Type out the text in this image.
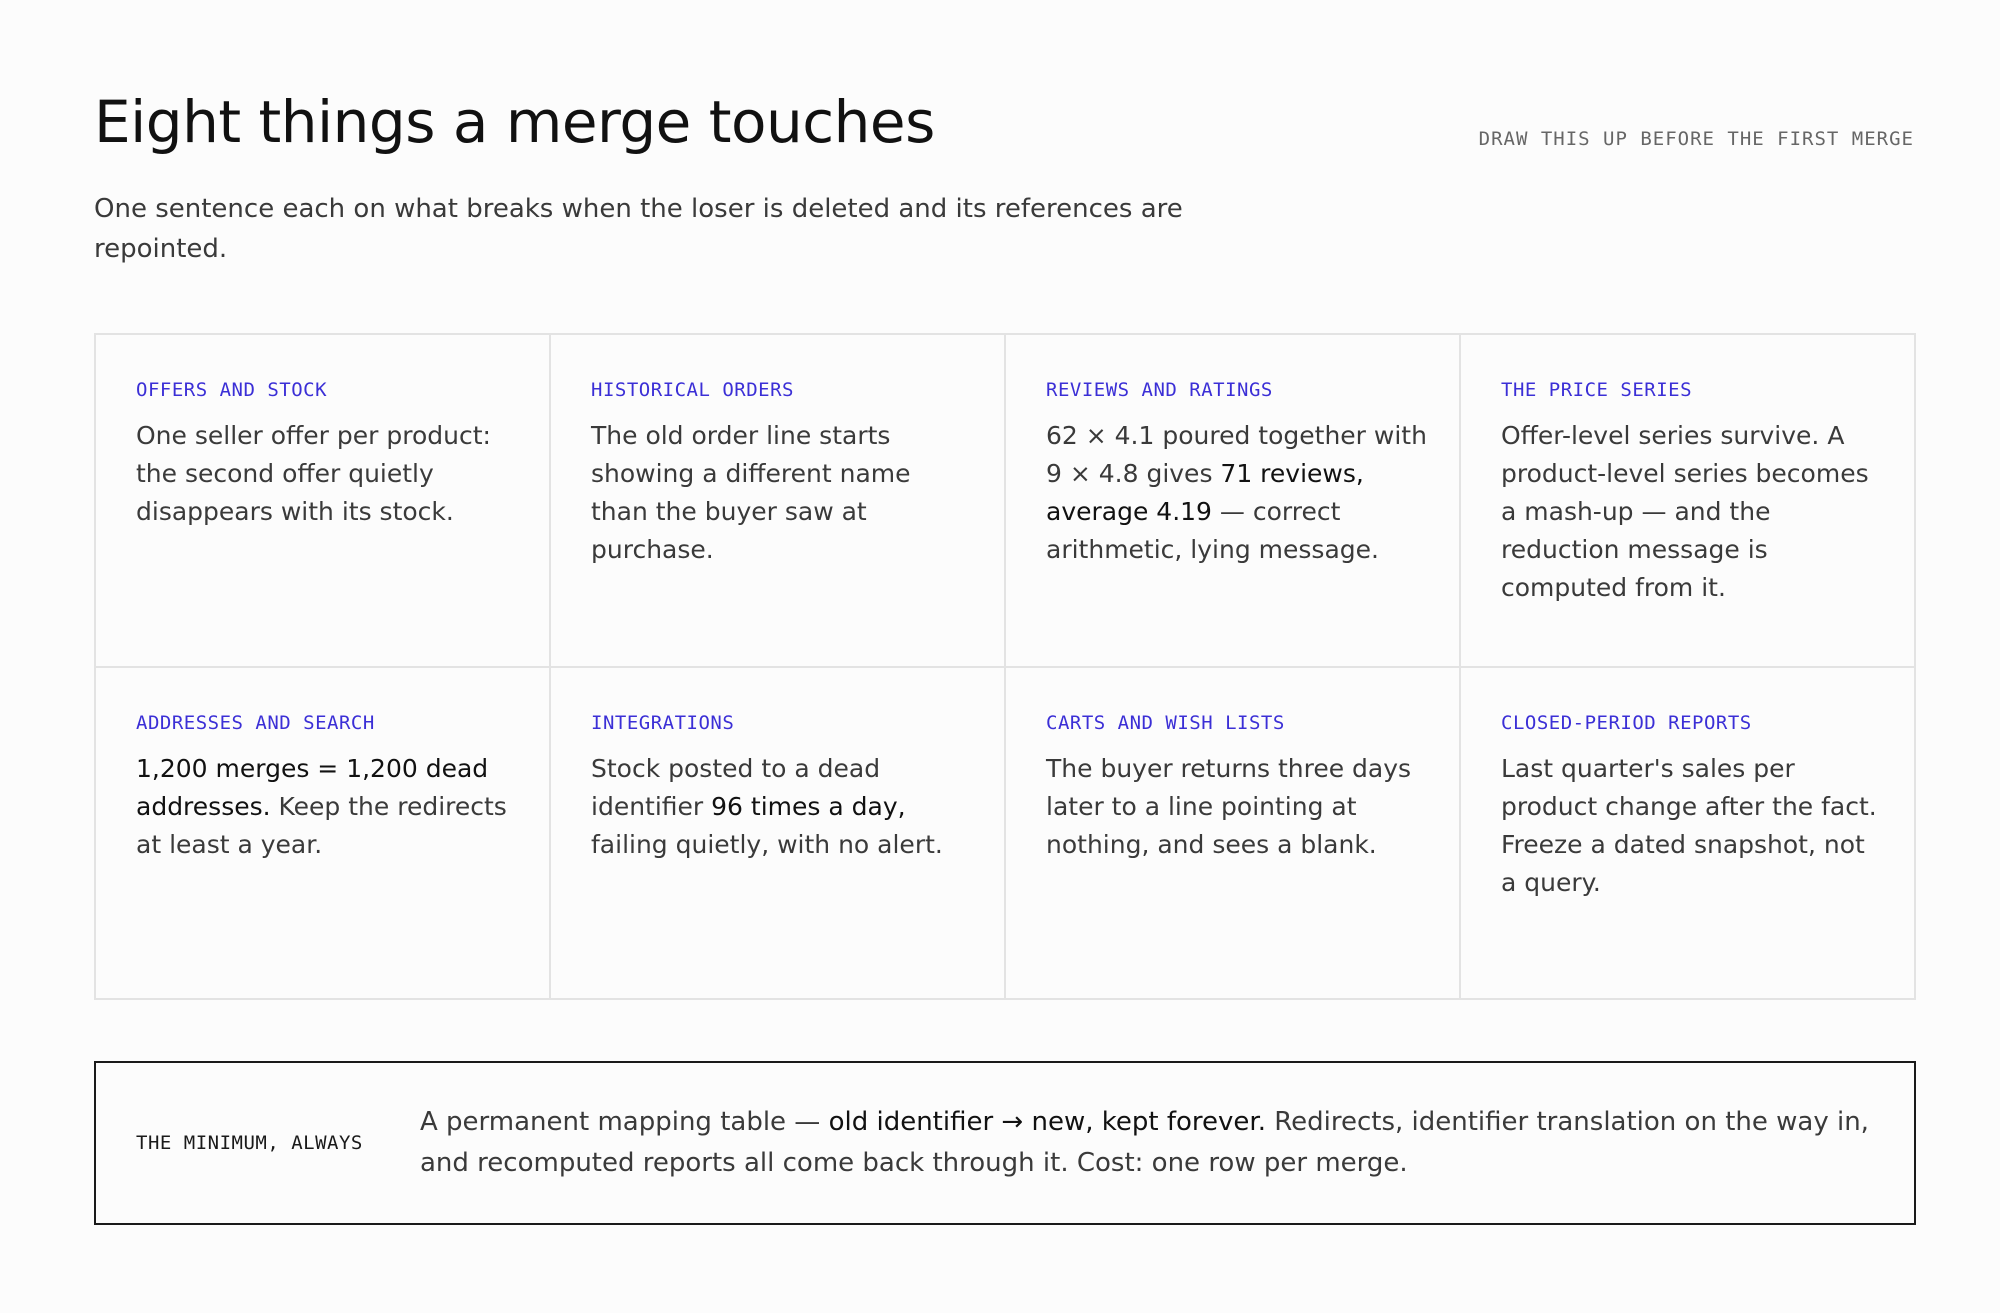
Eight things a merge touches	DRAW THIS UP BEFORE THE FIRST MERGE

One sentence each on what breaks when the loser is deleted and its references are repointed.

OFFERS AND STOCK

One seller offer per product: the second offer quietly disappears with its stock.

HISTORICAL ORDERS

The old order line starts showing a different name than the buyer saw at purchase.

REVIEWS AND RATINGS

62 × 4.1 poured together with 9 × 4.8 gives 71 reviews, average 4.19 — correct arithmetic, lying message.

THE PRICE SERIES

Offer-level series survive. A product-level series becomes a mash-up — and the reduction message is computed from it.

ADDRESSES AND SEARCH

1,200 merges = 1,200 dead addresses. Keep the redirects at least a year.

INTEGRATIONS

Stock posted to a dead identifier 96 times a day, failing quietly, with no alert.

CARTS AND WISH LISTS

The buyer returns three days later to a line pointing at nothing, and sees a blank.

CLOSED-PERIOD REPORTS

Last quarter's sales per product change after the fact. Freeze a dated snapshot, not a query.

THE MINIMUM, ALWAYS
A permanent mapping table — old identifier → new, kept forever. Redirects, identifier translation on the way in, and recomputed reports all come back through it. Cost: one row per merge.
